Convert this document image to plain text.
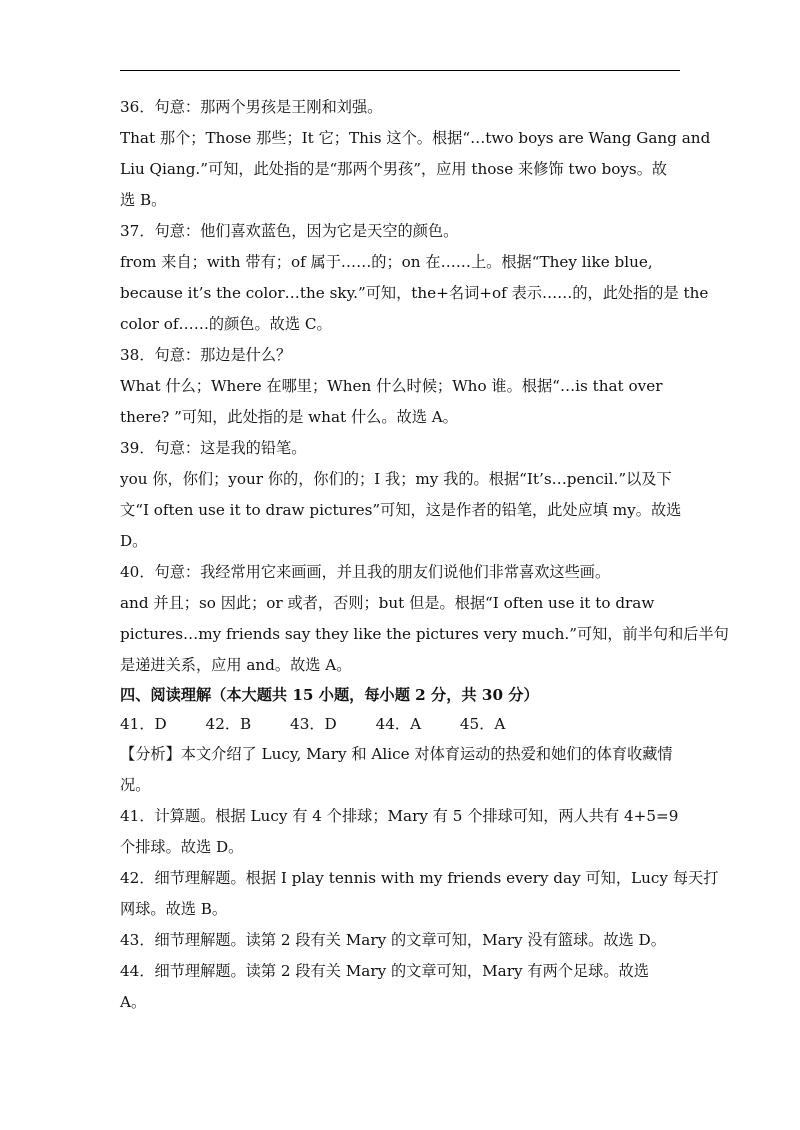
36．句意：那两个男孩是王刚和刘强。
That 那个；Those 那些；It 它；This 这个。根据“…two boys are Wang Gang and
Liu Qiang.”可知，此处指的是“那两个男孩”，应用 those 来修饰 two boys。故
选 B。
37．句意：他们喜欢蓝色，因为它是天空的颜色。
from 来自；with 带有；of 属于……的；on 在……上。根据“They like blue,
because it’s the color…the sky.”可知，the+名词+of 表示……的，此处指的是 the
color of……的颜色。故选 C。
38．句意：那边是什么？
What 什么；Where 在哪里；When 什么时候；Who 谁。根据“…is that over
there? ”可知，此处指的是 what 什么。故选 A。
39．句意：这是我的铅笔。
you 你，你们；your 你的，你们的；I 我；my 我的。根据“It’s…pencil.”以及下
文“I often use it to draw pictures”可知，这是作者的铅笔，此处应填 my。故选
D。
40．句意：我经常用它来画画，并且我的朋友们说他们非常喜欢这些画。
and 并且；so 因此；or 或者，否则；but 但是。根据“I often use it to draw
pictures…my friends say they like the pictures very much.”可知，前半句和后半句
是递进关系，应用 and。故选 A。
四、阅读理解（本大题共 15 小题，每小题 2 分，共 30 分）
41．D	42．B	43．D	44．A	45．A
【分析】本文介绍了 Lucy, Mary 和 Alice 对体育运动的热爱和她们的体育收藏情
况。
41．计算题。根据 Lucy 有 4 个排球；Mary 有 5 个排球可知，两人共有 4+5=9
个排球。故选 D。
42．细节理解题。根据 I play tennis with my friends every day 可知，Lucy 每天打
网球。故选 B。
43．细节理解题。读第 2 段有关 Mary 的文章可知，Mary 没有篮球。故选 D。
44．细节理解题。读第 2 段有关 Mary 的文章可知，Mary 有两个足球。故选
A。
